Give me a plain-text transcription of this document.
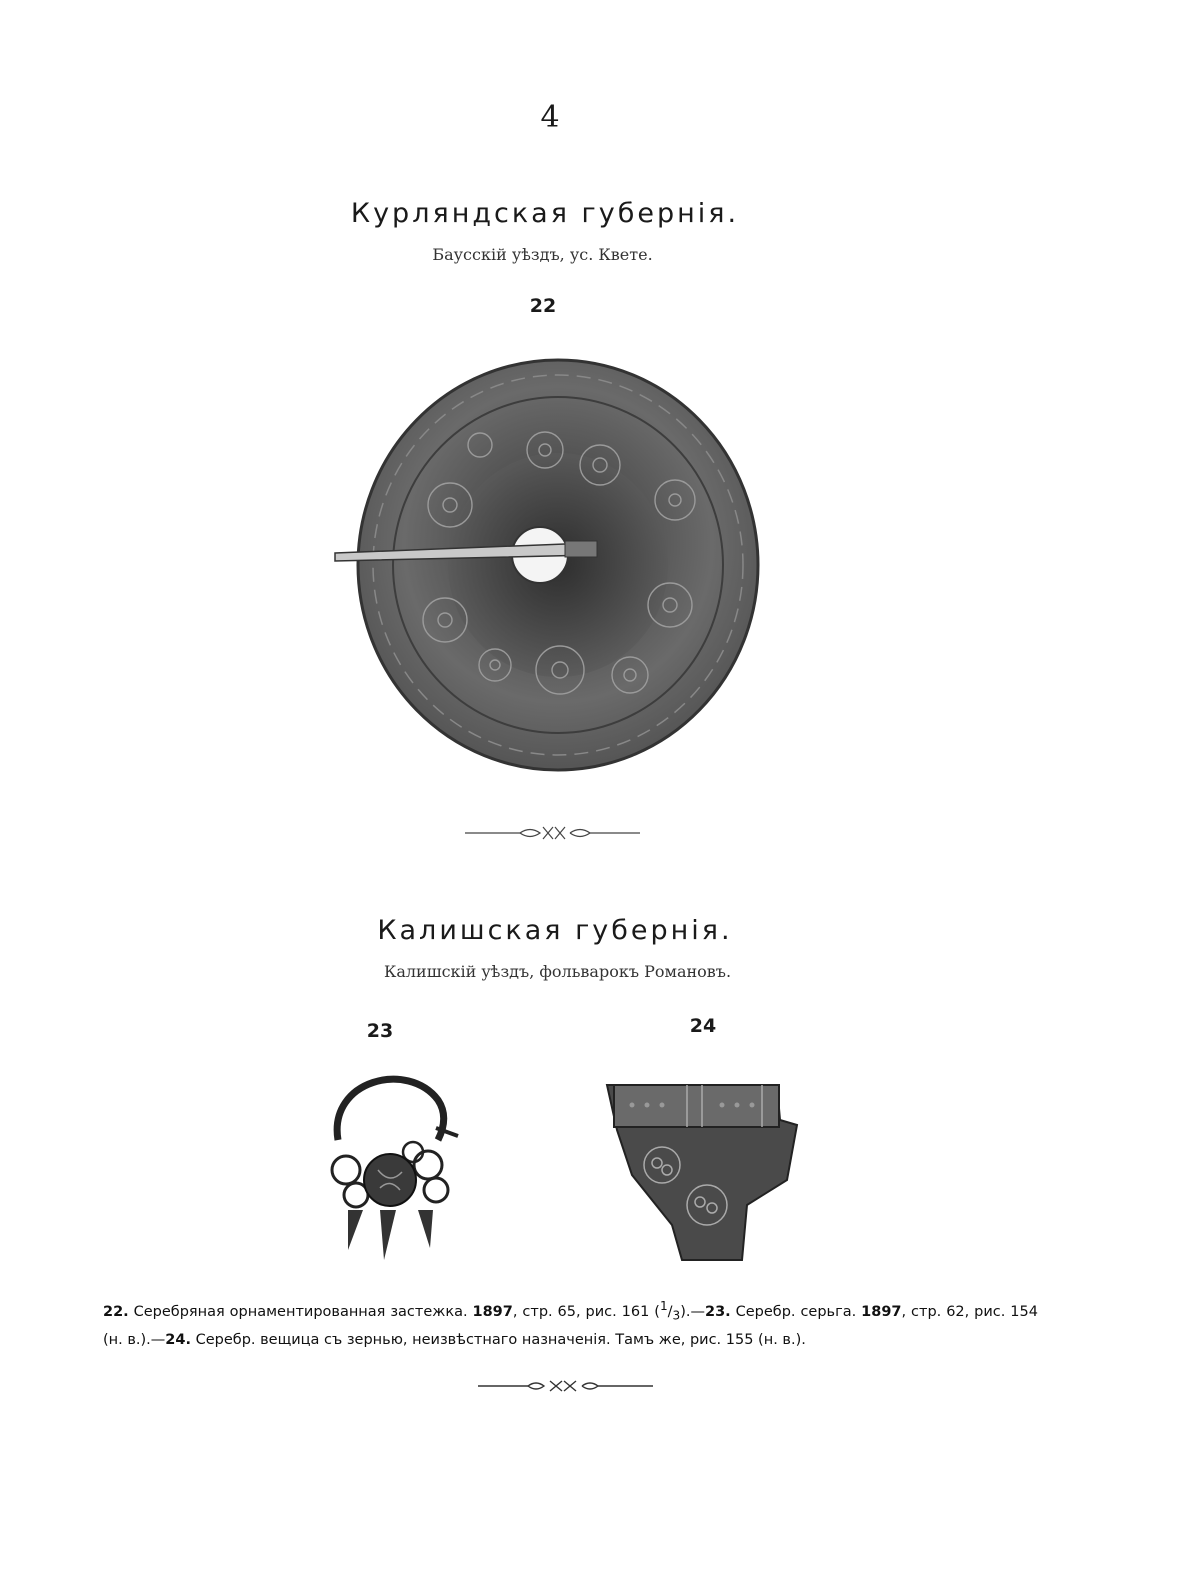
4
Курляндская губернія.
Бауcскій уѣздъ, ус. Квете.
22
Калишская губернія.
Калишскій уѣздъ, фольварокъ Романовъ.
23	24
22. Серебряная орнаментированная застежка. 1897, стр. 65, рис. 161 $(^1/_3).—23$. Серебр. серьга. 1897, стр. 62, рис. 154 (н. в.).—24. Серебр. вещица съ зернью, неизвѣстнаго назначенія. Тамъ же, рис. 155 (н. в.).
